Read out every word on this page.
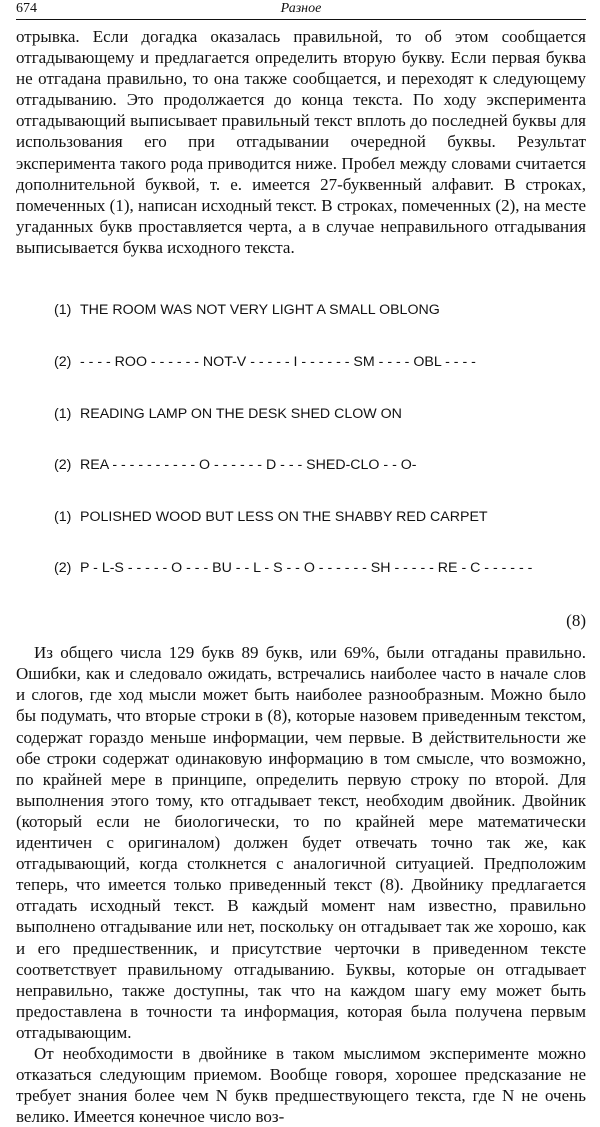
674	Разное

отрывка. Если догадка оказалась правильной, то об этом сообщается отгадывающему и предлагается определить вторую букву. Если первая буква не отгадана правильно, то она также сообщается, и переходят к следующему отгадыванию. Это продолжается до конца текста. По ходу эксперимента отгадывающий выписывает правильный текст вплоть до последней буквы для использования его при отгадывании очередной буквы. Результат эксперимента такого рода приводится ниже. Пробел между словами считается дополнительной буквой, т. е. имеется 27-буквенный алфавит. В строках, помеченных (1), написан исходный текст. В строках, помеченных (2), на месте угаданных букв проставляется черта, а в случае неправильного отгадывания выписывается буква исходного текста.

(1) THE ROOM WAS NOT VERY LIGHT A SMALL OBLONG

(2) - - - - ROO - - - - - - NOT-V - - - - - I - - - - - - SM - - - - OBL - - - -

(1) READING LAMP ON THE DESK SHED CLOW ON

(2) REA - - - - - - - - - - O - - - - - - D - - - SHED-CLO - - O-

(1) POLISHED WOOD BUT LESS ON THE SHABBY RED CARPET

(2) P - L-S - - - - - O - - - BU - - L - S - - O - - - - - - SH - - - - - RE - C - - - - - -

(8)

Из общего числа 129 букв 89 букв, или 69%, были отгаданы правильно. Ошибки, как и следовало ожидать, встречались наиболее часто в начале слов и слогов, где ход мысли может быть наиболее разнообразным. Можно было бы подумать, что вторые строки в (8), которые назовем приведенным текстом, содержат гораздо меньше информации, чем первые. В действительности же обе строки содержат одинаковую информацию в том смысле, что возможно, по крайней мере в принципе, определить первую строку по второй. Для выполнения этого тому, кто отгадывает текст, необходим двойник. Двойник (который если не биологически, то по крайней мере математически идентичен с оригиналом) должен будет отвечать точно так же, как отгадывающий, когда столкнется с аналогичной ситуацией. Предположим теперь, что имеется только приведенный текст (8). Двойнику предлагается отгадать исходный текст. В каждый момент нам известно, правильно выполнено отгадывание или нет, поскольку он отгадывает так же хорошо, как и его предшественник, и присутствие черточки в приведенном тексте соответствует правильному отгадыванию. Буквы, которые он отгадывает неправильно, также доступны, так что на каждом шагу ему может быть предоставлена в точности та информация, которая была получена первым отгадывающим.

От необходимости в двойнике в таком мыслимом эксперименте можно отказаться следующим приемом. Вообще говоря, хорошее предсказание не требует знания более чем N букв предшествующего текста, где N не очень велико. Имеется конечное число воз-
